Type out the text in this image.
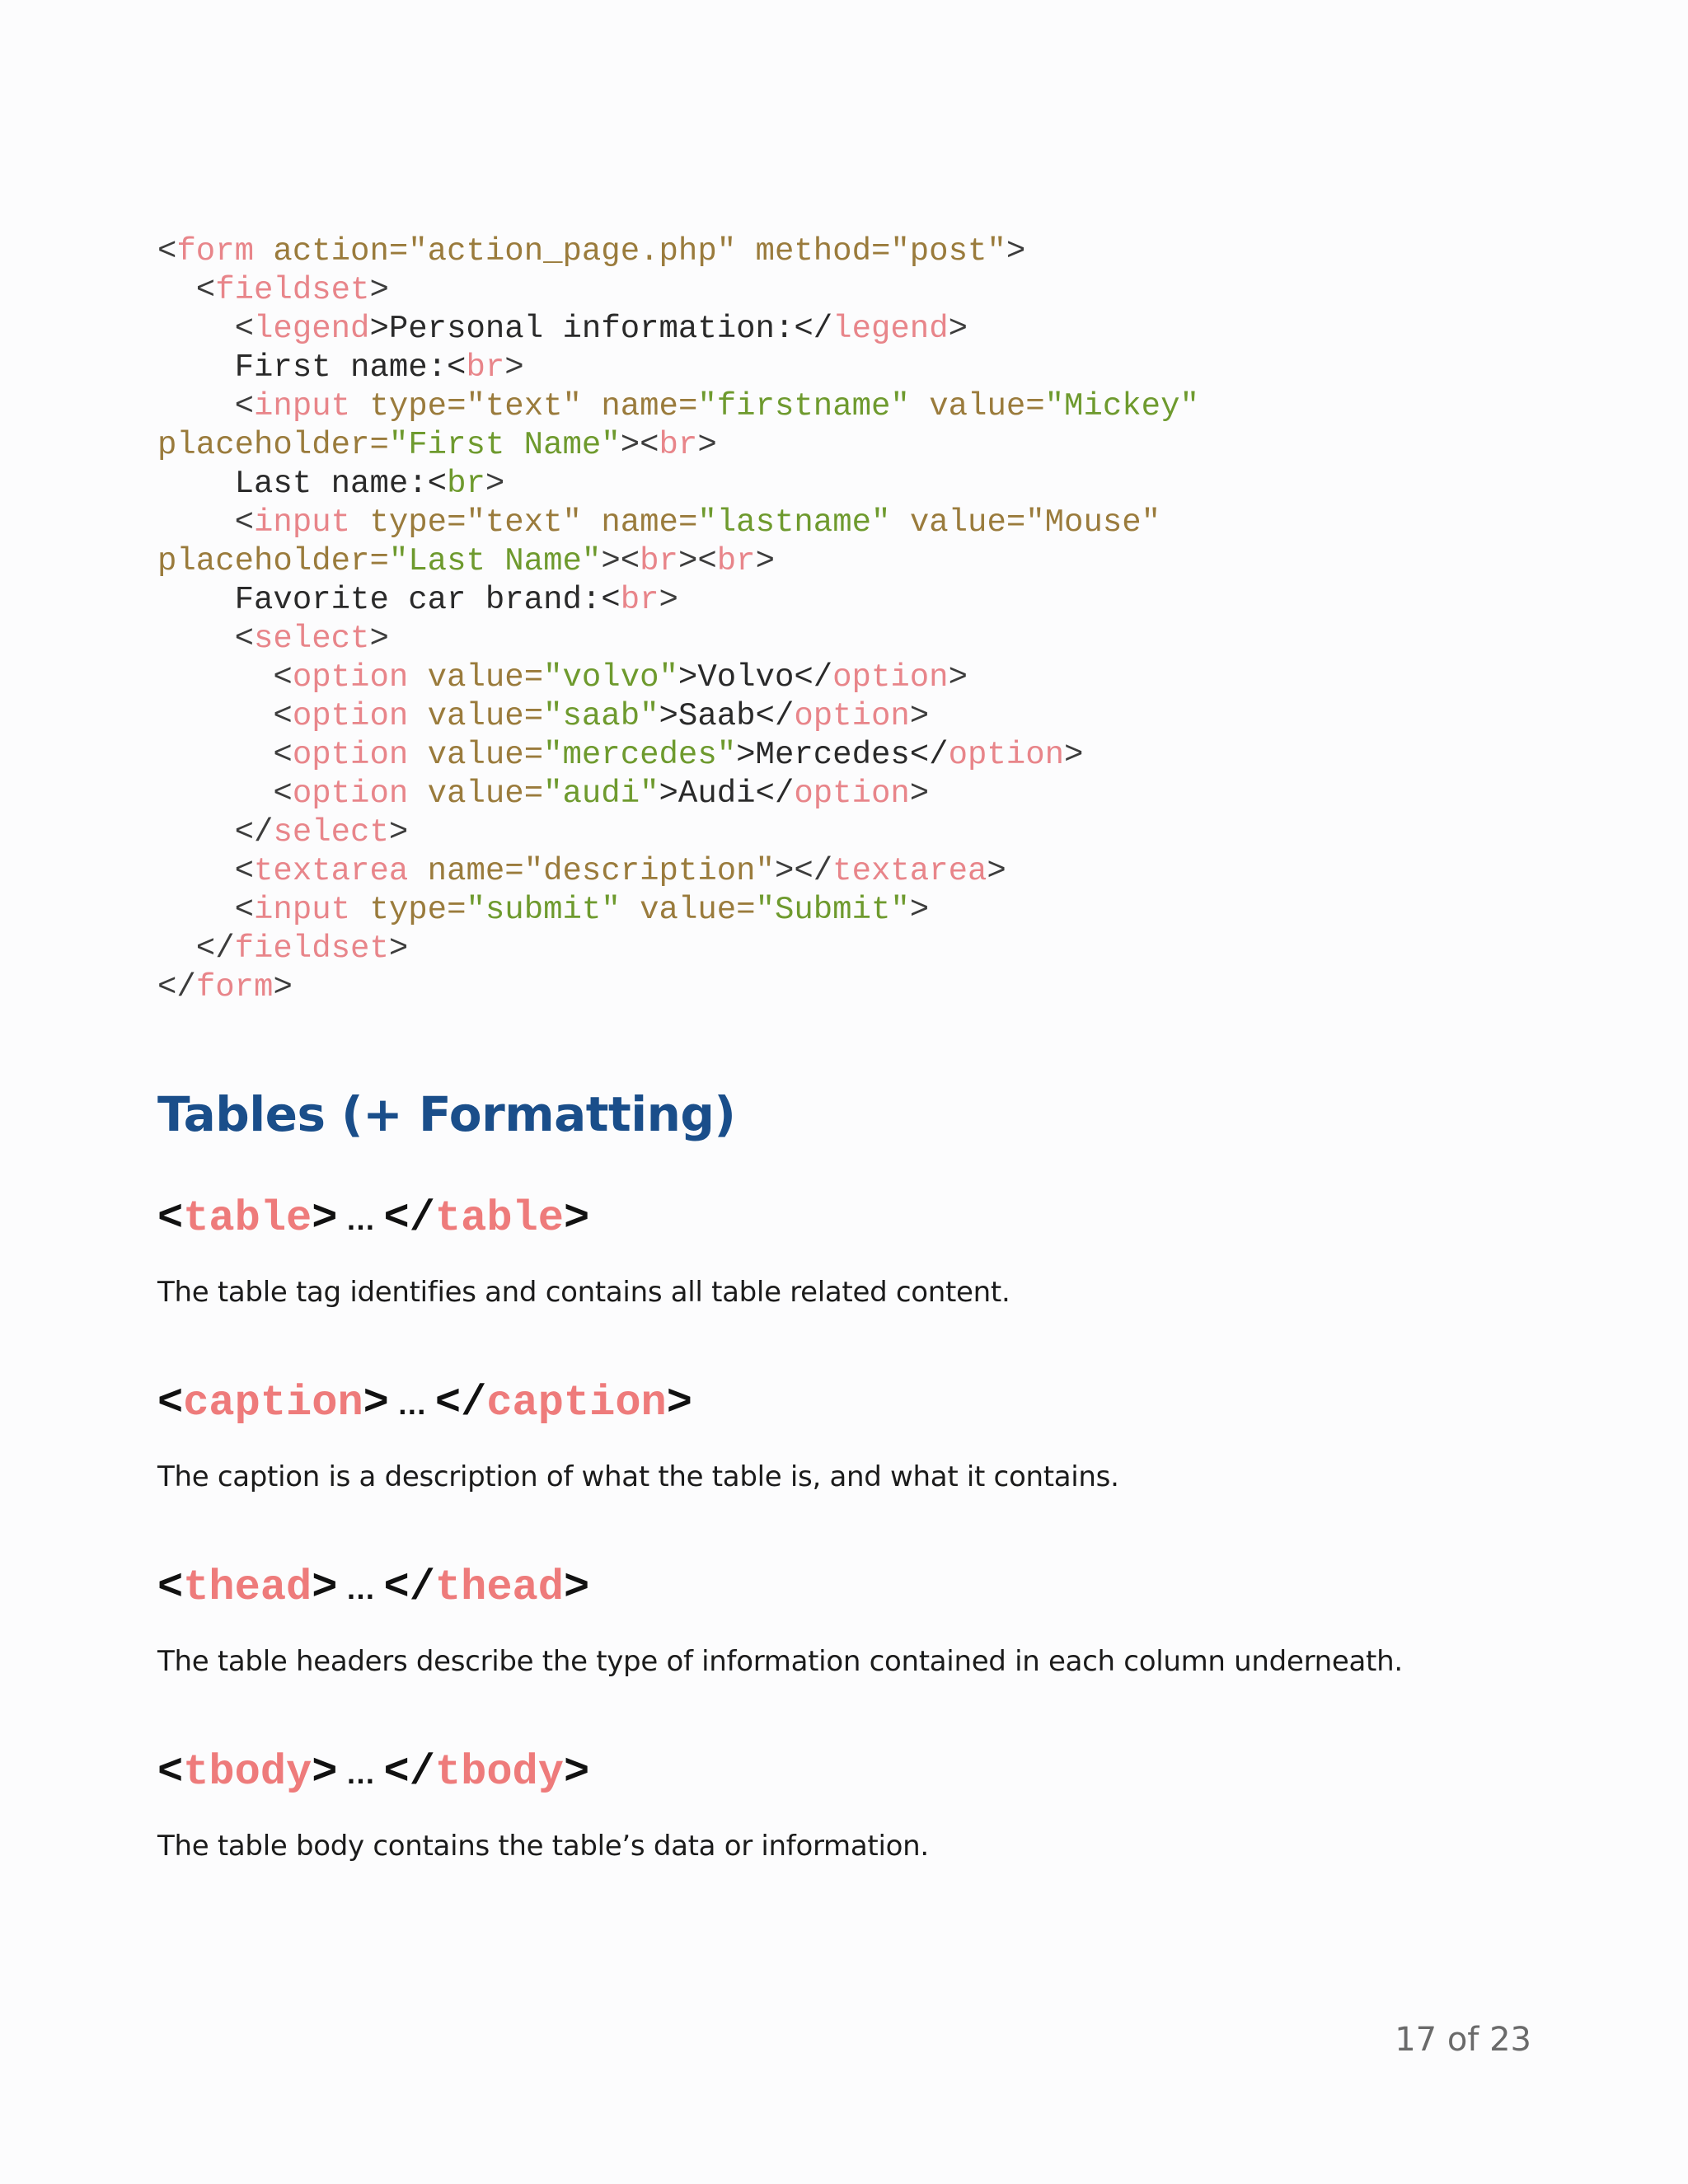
<form action="action_page.php" method="post">
<fieldset>
<legend>Personal information:</legend>
First name:<br>
<input type="text" name="firstname" value="Mickey"
placeholder="First Name"><br>
Last name:<br>
<input type="text" name="lastname" value="Mouse"
placeholder="Last Name"><br><br>
Favorite car brand:<br>
<select>
<option value="volvo">Volvo</option>
<option value="saab">Saab</option>
<option value="mercedes">Mercedes</option>
<option value="audi">Audi</option>
</select>
<textarea name="description"></textarea>
<input type="submit" value="Submit">
</fieldset>
</form>
Tables (+ Formatting)
<table> … </table>

The table tag identifies and contains all table related content.

<caption> … </caption>

The caption is a description of what the table is, and what it contains.

<thead> … </thead>

The table headers describe the type of information contained in each column underneath.

<tbody> … </tbody>

The table body contains the table’s data or information.

17 of 23
